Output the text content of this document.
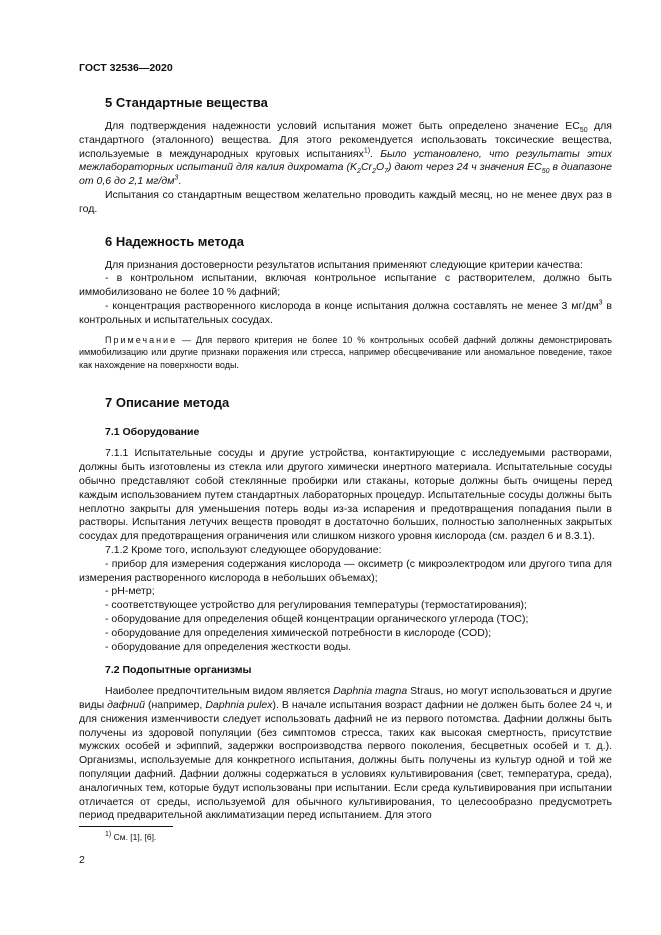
ГОСТ 32536—2020
5 Стандартные вещества

Для подтверждения надежности условий испытания может быть определено значение $EC_{50}$ для стандартного (эталонного) вещества. Для этого рекомендуется использовать токсические вещества, используемые в международных круговых испытаниях$^{1)}$. Было установлено, что результаты этих межлабораторных испытаний для калия дихромата $(K_2Cr_2O_7)$ дают через 24 ч значения $EC_{50}$ в диапазоне от 0,6 до 2,1 $мг/дм^3$.

Испытания со стандартным веществом желательно проводить каждый месяц, но не менее двух раз в год.

6 Надежность метода

Для признания достоверности результатов испытания применяют следующие критерии качества:

- в контрольном испытании, включая контрольное испытание с растворителем, должно быть иммобилизовано не более 10 % дафний;

- концентрация растворенного кислорода в конце испытания должна составлять не менее 3 $мг/дм^3$ в контрольных и испытательных сосудах.

Примечание — Для первого критерия не более 10 % контрольных особей дафний должны демонстрировать иммобилизацию или другие признаки поражения или стресса, например обесцвечивание или аномальное поведение, такое как нахождение на поверхности воды.

7 Описание метода
7.1 Оборудование

7.1.1 Испытательные сосуды и другие устройства, контактирующие с исследуемыми растворами, должны быть изготовлены из стекла или другого химически инертного материала. Испытательные сосуды обычно представляют собой стеклянные пробирки или стаканы, которые должны быть очищены перед каждым использованием путем стандартных лабораторных процедур. Испытательные сосуды должны быть неплотно закрыты для уменьшения потерь воды из-за испарения и предотвращения попадания пыли в растворы. Испытания летучих веществ проводят в достаточно больших, полностью заполненных закрытых сосудах для предотвращения ограничения или слишком низкого уровня кислорода (см. раздел 6 и 8.3.1).

7.1.2 Кроме того, используют следующее оборудование:

- прибор для измерения содержания кислорода — оксиметр (с микроэлектродом или другого типа для измерения растворенного кислорода в небольших объемах);

- pH-метр;

- соответствующее устройство для регулирования температуры (термостатирования);

- оборудование для определения общей концентрации органического углерода (TOC);

- оборудование для определения химической потребности в кислороде (COD);

- оборудование для определения жесткости воды.

7.2 Подопытные организмы

Наиболее предпочтительным видом является Daphnia magna Straus, но могут использоваться и другие виды дафний (например, Daphnia pulex). В начале испытания возраст дафнии не должен быть более 24 ч, и для снижения изменчивости следует использовать дафний не из первого потомства. Дафнии должны быть получены из здоровой популяции (без симптомов стресса, таких как высокая смертность, присутствие мужских особей и эфиппий, задержки воспроизводства первого поколения, бесцветных особей и т. д.). Организмы, используемые для конкретного испытания, должны быть получены из культур одной и той же популяции дафний. Дафнии должны содержаться в условиях культивирования (свет, температура, среда), аналогичных тем, которые будут использованы при испытании. Если среда культивирования при испытании отличается от среды, используемой для обычного культивирования, то целесообразно предусмотреть период предварительной акклиматизации перед испытанием. Для этого

$^{1)}$ См. [1], [6].
2
